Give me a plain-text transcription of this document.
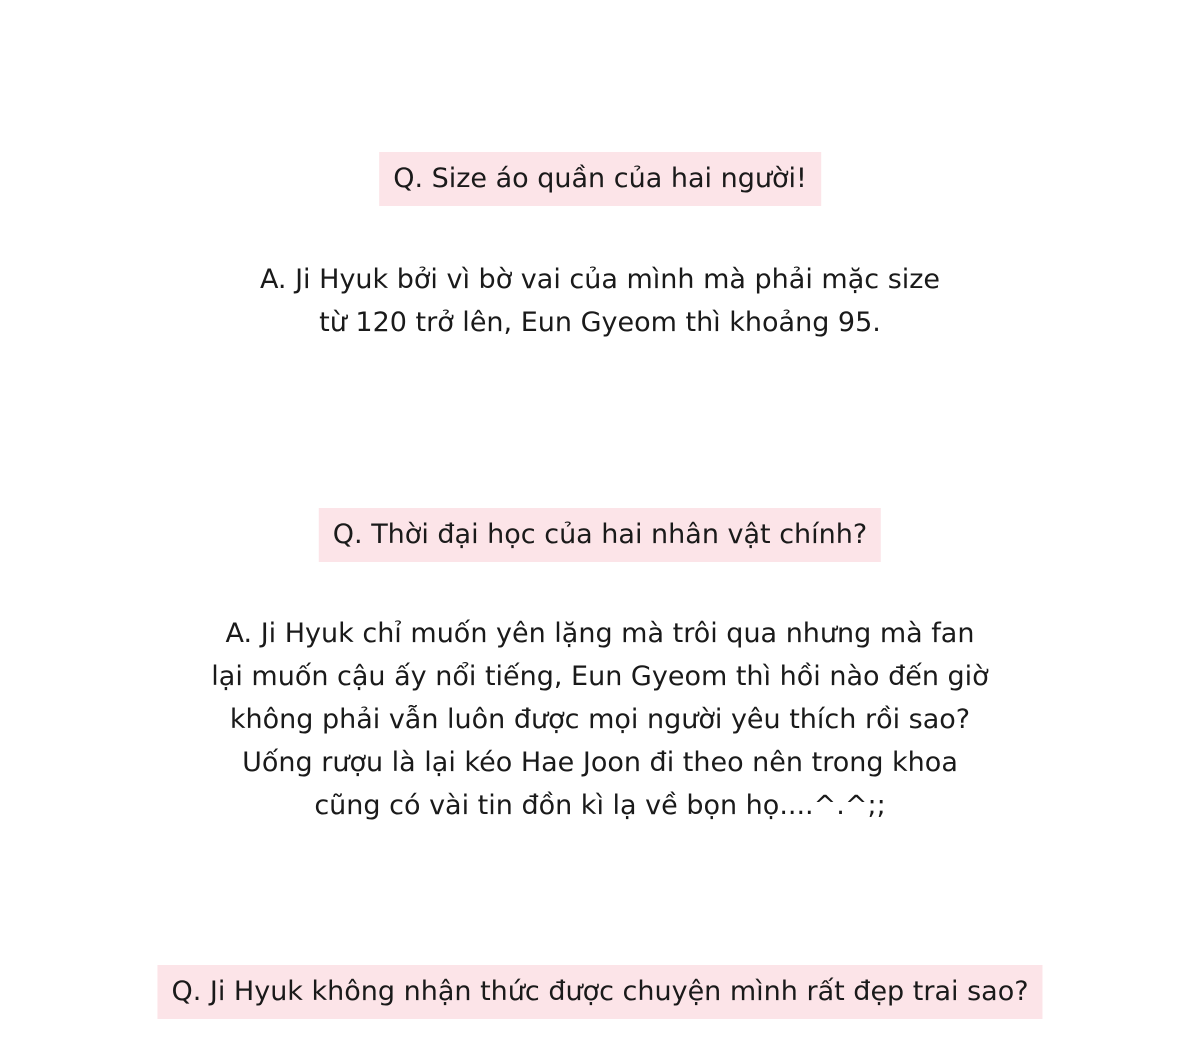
Q. Size áo quần của hai người!
A. Ji Hyuk bởi vì bờ vai của mình mà phải mặc size
từ 120 trở lên, Eun Gyeom thì khoảng 95.
Q. Thời đại học của hai nhân vật chính?
A. Ji Hyuk chỉ muốn yên lặng mà trôi qua nhưng mà fan
lại muốn cậu ấy nổi tiếng, Eun Gyeom thì hồi nào đến giờ
không phải vẫn luôn được mọi người yêu thích rồi sao?
Uống rượu là lại kéo Hae Joon đi theo nên trong khoa
cũng có vài tin đồn kì lạ về bọn họ....^.^;;
Q. Ji Hyuk không nhận thức được chuyện mình rất đẹp trai sao?
